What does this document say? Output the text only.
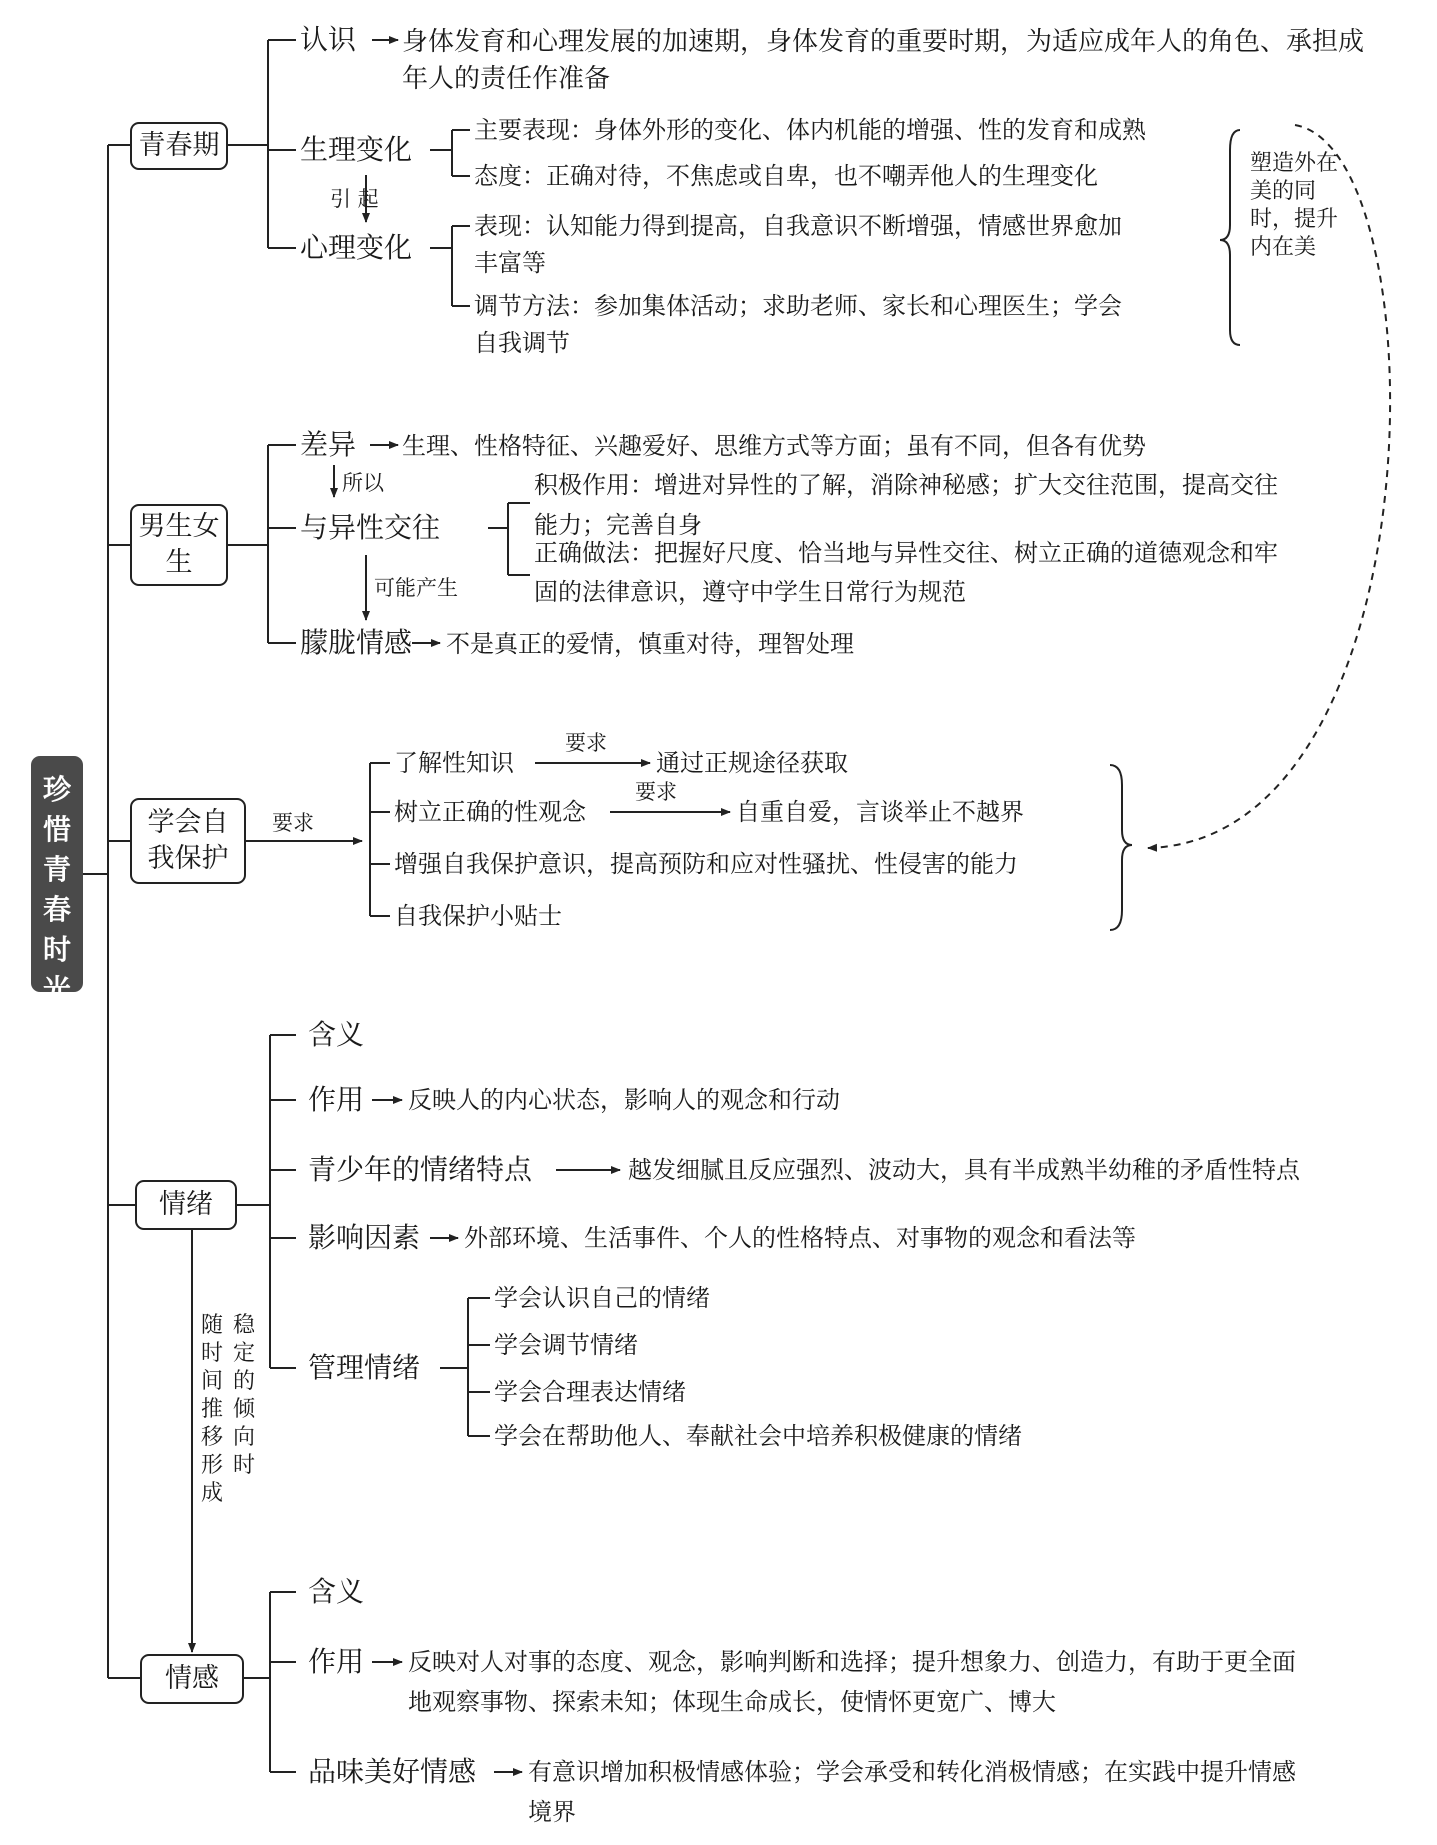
珍惜青春时光
青春期
认识 身体发育和心理发展的加速期，身体发育的重要时期，为适应成年人的角色、承担成
年人的责任作准备
生理变化
主要表现：身体外形的变化、体内机能的增强、性的发育和成熟
态度：正确对待，不焦虑或自卑，也不嘲弄他人的生理变化
引 起
心理变化
表现：认知能力得到提高，自我意识不断增强，情感世界愈加
丰富等
调节方法：参加集体活动；求助老师、家长和心理医生；学会
自我调节
塑造外在美的同时，提升内在美
男生女生
差异 生理、性格特征、兴趣爱好、思维方式等方面；虽有不同，但各有优势
所以
与异性交往
积极作用：增进对异性的了解，消除神秘感；扩大交往范围，提高交往
能力；完善自身
正确做法：把握好尺度、恰当地与异性交往、树立正确的道德观念和牢
固的法律意识，遵守中学生日常行为规范
可能产生
朦胧情感 不是真正的爱情，慎重对待，理智处理
学会自我保护
要求
了解性知识
要求
通过正规途径获取
树立正确的性观念
要求
自重自爱，言谈举止不越界
增强自我保护意识，提高预防和应对性骚扰、性侵害的能力
自我保护小贴士
情绪
含义
作用 反映人的内心状态，影响人的观念和行动
青少年的情绪特点	越发细腻且反应强烈、波动大，具有半成熟半幼稚的矛盾性特点
影响因素 外部环境、生活事件、个人的性格特点、对事物的观念和看法等
管理情绪
学会认识自己的情绪
学会调节情绪
学会合理表达情绪
学会在帮助他人、奉献社会中培养积极健康的情绪
随时间推移形成
稳定的倾向时
情感
含义
作用 反映对人对事的态度、观念，影响判断和选择；提升想象力、创造力，有助于更全面
地观察事物、探索未知；体现生命成长，使情怀更宽广、博大
品味美好情感 有意识增加积极情感体验；学会承受和转化消极情感；在实践中提升情感
境界
